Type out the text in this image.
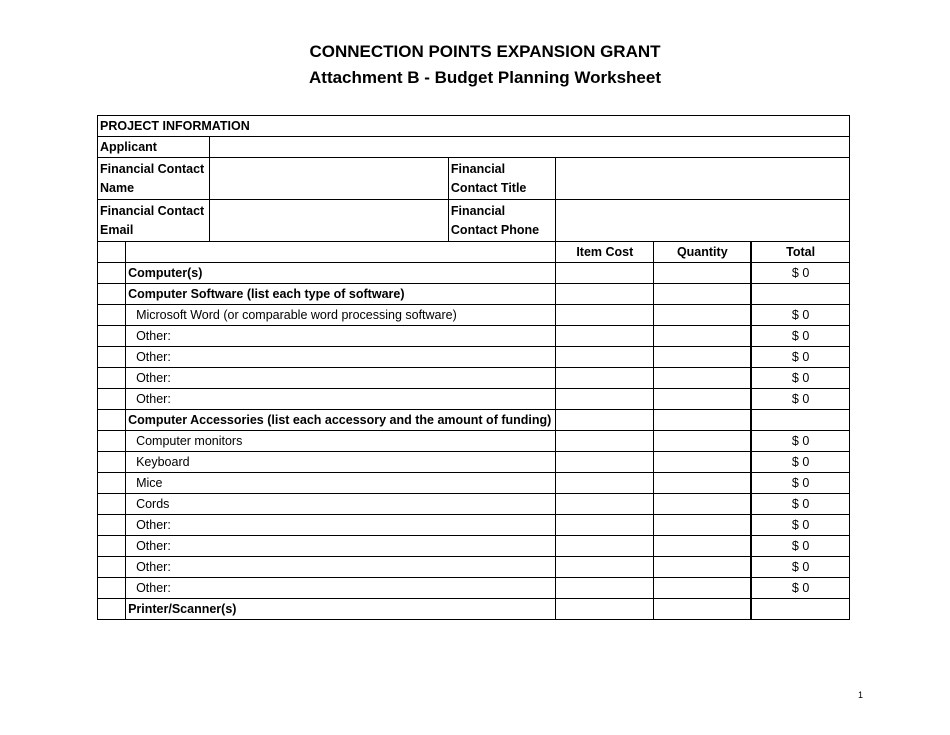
CONNECTION POINTS EXPANSION GRANT
Attachment B - Budget Planning Worksheet
PROJECT INFORMATION						
Applicant						
Financial Contact Name			Financial Contact Title			
Financial Contact Email			Financial Contact Phone			
				Item Cost	Quantity	Total
	Computer(s)					$ 0
	Computer Software (list each type of software)					
	Microsoft Word (or comparable word processing software)					$ 0
	Other:					$ 0
	Other:					$ 0
	Other:					$ 0
	Other:					$ 0
	Computer Accessories (list each accessory and the amount of funding)					
	Computer monitors					$ 0
	Keyboard					$ 0
	Mice					$ 0
	Cords					$ 0
	Other:					$ 0
	Other:					$ 0
	Other:					$ 0
	Other:					$ 0
	Printer/Scanner(s)					
1
